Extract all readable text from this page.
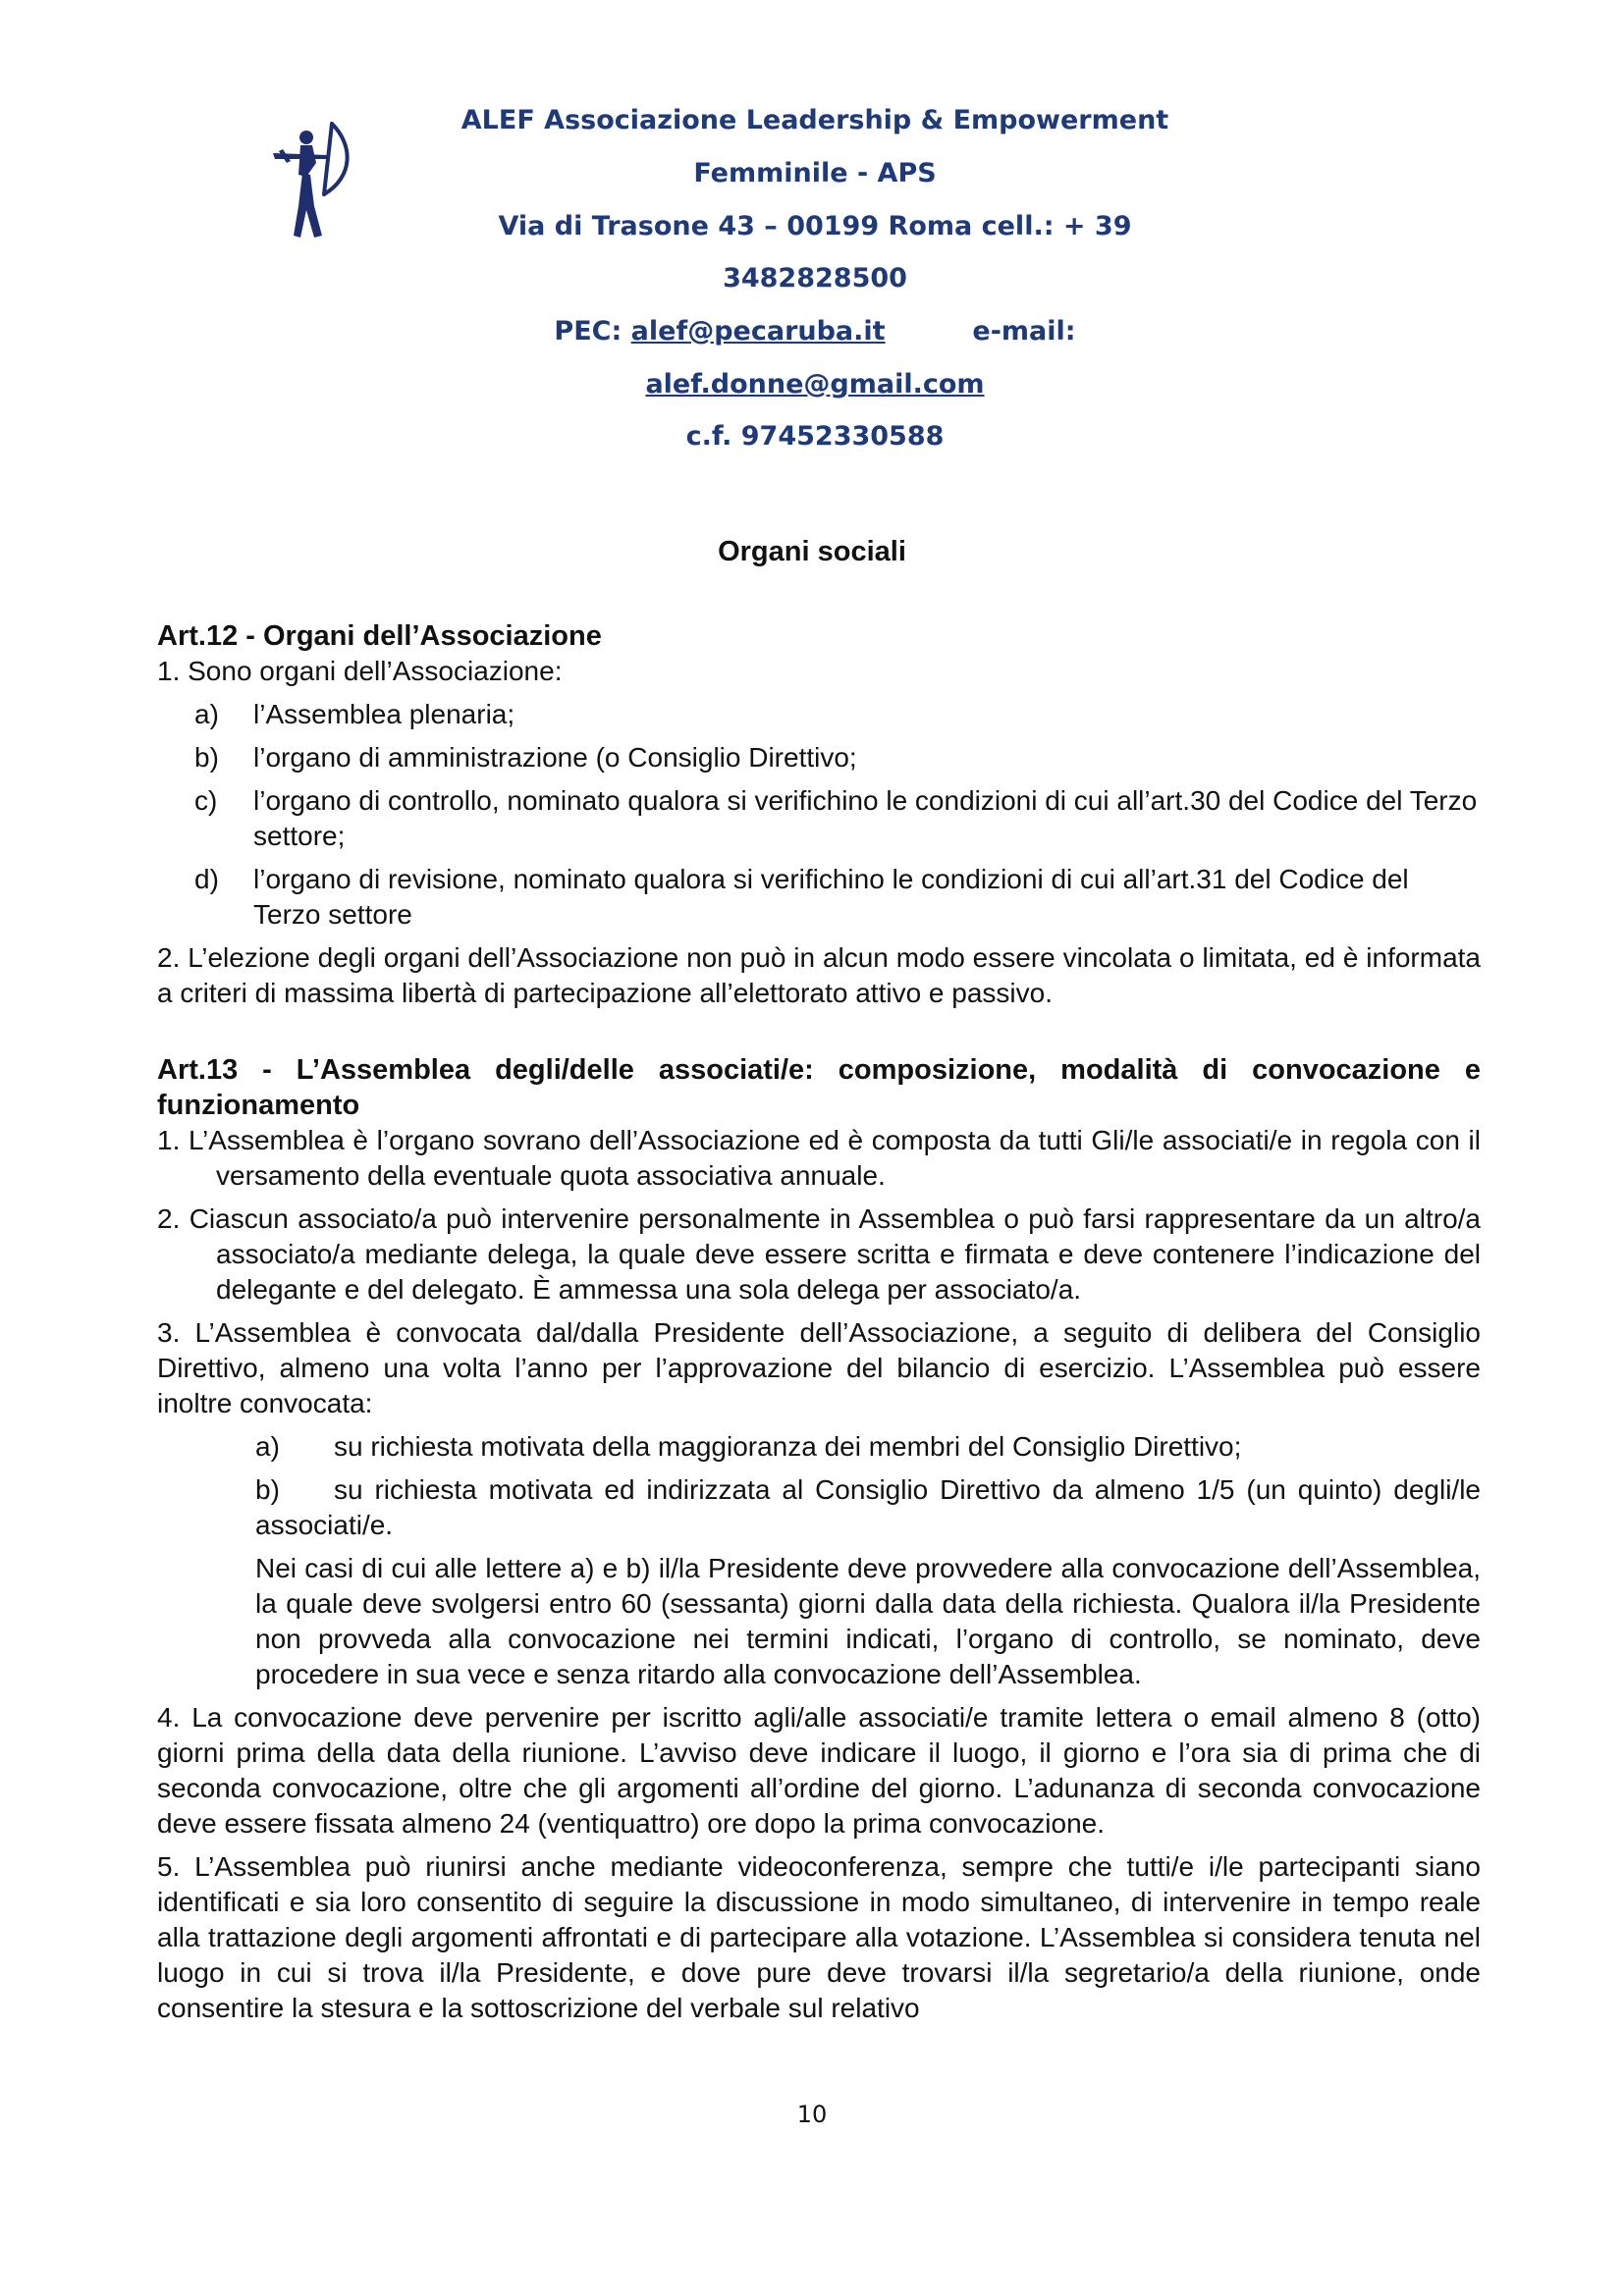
ALEF Associazione Leadership & Empowerment
Femminile - APS
Via di Trasone 43 – 00199 Roma cell.: + 39
3482828500
PEC: alef@pecaruba.it	e-mail:
alef.donne@gmail.com
c.f. 97452330588
Organi sociali

Art.12 - Organi dell’Associazione

1. Sono organi dell’Associazione:

a) l’Assemblea plenaria;

b) l’organo di amministrazione (o Consiglio Direttivo;

c) l’organo di controllo, nominato qualora si verifichino le condizioni di cui all’art.30 del Codice del Terzo settore;

d) l’organo di revisione, nominato qualora si verifichino le condizioni di cui all’art.31 del Codice del Terzo settore

2. L’elezione degli organi dell’Associazione non può in alcun modo essere vincolata o limitata, ed è informata a criteri di massima libertà di partecipazione all’elettorato attivo e passivo.

Art.13 - L’Assemblea degli/delle associati/e: composizione, modalità di convocazione e funzionamento

1. L’Assemblea è l’organo sovrano dell’Associazione ed è composta da tutti Gli/le associati/e in regola con il versamento della eventuale quota associativa annuale.

2. Ciascun associato/a può intervenire personalmente in Assemblea o può farsi rappresentare da un altro/a associato/a mediante delega, la quale deve essere scritta e firmata e deve contenere l’indicazione del delegante e del delegato. È ammessa una sola delega per associato/a.

3. L’Assemblea è convocata dal/dalla Presidente dell’Associazione, a seguito di delibera del Consiglio Direttivo, almeno una volta l’anno per l’approvazione del bilancio di esercizio. L’Assemblea può essere inoltre convocata:

a) su richiesta motivata della maggioranza dei membri del Consiglio Direttivo;

b) su richiesta motivata ed indirizzata al Consiglio Direttivo da almeno 1/5 (un quinto) degli/le associati/e.

Nei casi di cui alle lettere a) e b) il/la Presidente deve provvedere alla convocazione dell’Assemblea, la quale deve svolgersi entro 60 (sessanta) giorni dalla data della richiesta. Qualora il/la Presidente non provveda alla convocazione nei termini indicati, l’organo di controllo, se nominato, deve procedere in sua vece e senza ritardo alla convocazione dell’Assemblea.

4. La convocazione deve pervenire per iscritto agli/alle associati/e tramite lettera o email almeno 8 (otto) giorni prima della data della riunione. L’avviso deve indicare il luogo, il giorno e l’ora sia di prima che di seconda convocazione, oltre che gli argomenti all’ordine del giorno. L’adunanza di seconda convocazione deve essere fissata almeno 24 (ventiquattro) ore dopo la prima convocazione.

5. L’Assemblea può riunirsi anche mediante videoconferenza, sempre che tutti/e i/le partecipanti siano identificati e sia loro consentito di seguire la discussione in modo simultaneo, di intervenire in tempo reale alla trattazione degli argomenti affrontati e di partecipare alla votazione. L’Assemblea si considera tenuta nel luogo in cui si trova il/la Presidente, e dove pure deve trovarsi il/la segretario/a della riunione, onde consentire la stesura e la sottoscrizione del verbale sul relativo

10
